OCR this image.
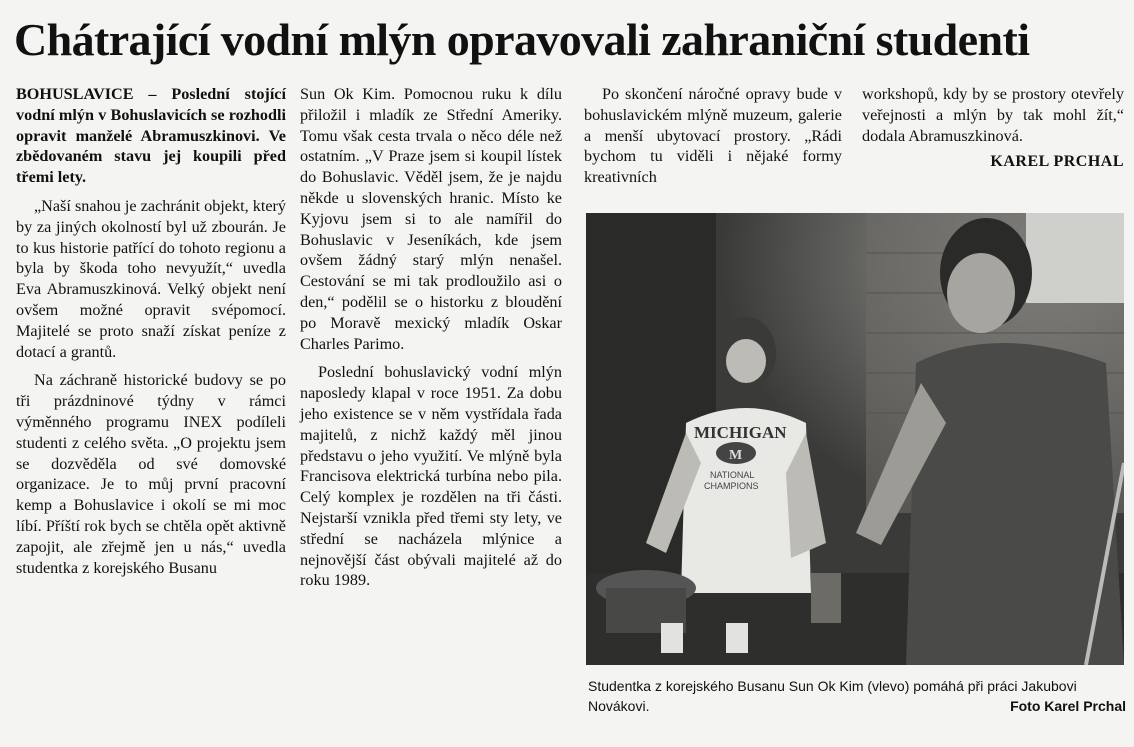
Chátrající vodní mlýn opravovali zahraniční studenti

BOHUSLAVICE – Poslední stojící vodní mlýn v Bohuslavicích se rozhodli opravit manželé Abramuszkinovi. Ve zbědovaném stavu jej koupili před třemi lety.

„Naší snahou je zachránit objekt, který by za jiných okolností byl už zbourán. Je to kus historie patřící do tohoto regionu a byla by škoda toho nevyužít,“ uvedla Eva Abramuszkinová. Velký objekt není ovšem možné opravit svépomocí. Majitelé se proto snaží získat peníze z dotací a grantů.

Na záchraně historické budovy se po tři prázdninové týdny v rámci výměnného programu INEX podíleli studenti z celého světa. „O projektu jsem se dozvěděla od své domovské organizace. Je to můj první pracovní kemp a Bohuslavice i okolí se mi moc líbí. Příští rok bych se chtěla opět aktivně zapojit, ale zřejmě jen u nás,“ uvedla studentka z korejského Busanu

Sun Ok Kim. Pomocnou ruku k dílu přiložil i mladík ze Střední Ameriky. Tomu však cesta trvala o něco déle než ostatním. „V Praze jsem si koupil lístek do Bohuslavic. Věděl jsem, že je najdu někde u slovenských hranic. Místo ke Kyjovu jsem si to ale namířil do Bohuslavic v Jeseníkách, kde jsem ovšem žádný starý mlýn nenašel. Cestování se mi tak prodloužilo asi o den,“ podělil se o historku z bloudění po Moravě mexický mladík Oskar Charles Parimo.

Poslední bohuslavický vodní mlýn naposledy klapal v roce 1951. Za dobu jeho existence se v něm vystřídala řada majitelů, z nichž každý měl jinou představu o jeho využití. Ve mlýně byla Francisova elektrická turbína nebo pila. Celý komplex je rozdělen na tři části. Nejstarší vznikla před třemi sty lety, ve střední se nacházela mlýnice a nejnovější část obývali majitelé až do roku 1989.

Po skončení náročné opravy bude v bohuslavickém mlýně muzeum, galerie a menší ubytovací prostory. „Rádi bychom tu viděli i nějaké formy kreativních

workshopů, kdy by se prostory otevřely veřejnosti a mlýn by tak mohl žít,“ dodala Abramuszkinová.

KAREL PRCHAL

MICHIGAN
M
NATIONAL
CHAMPIONS
Studentka z korejského Busanu Sun Ok Kim (vlevo) pomáhá při práci Jakubovi Novákovi.	Foto Karel Prchal
